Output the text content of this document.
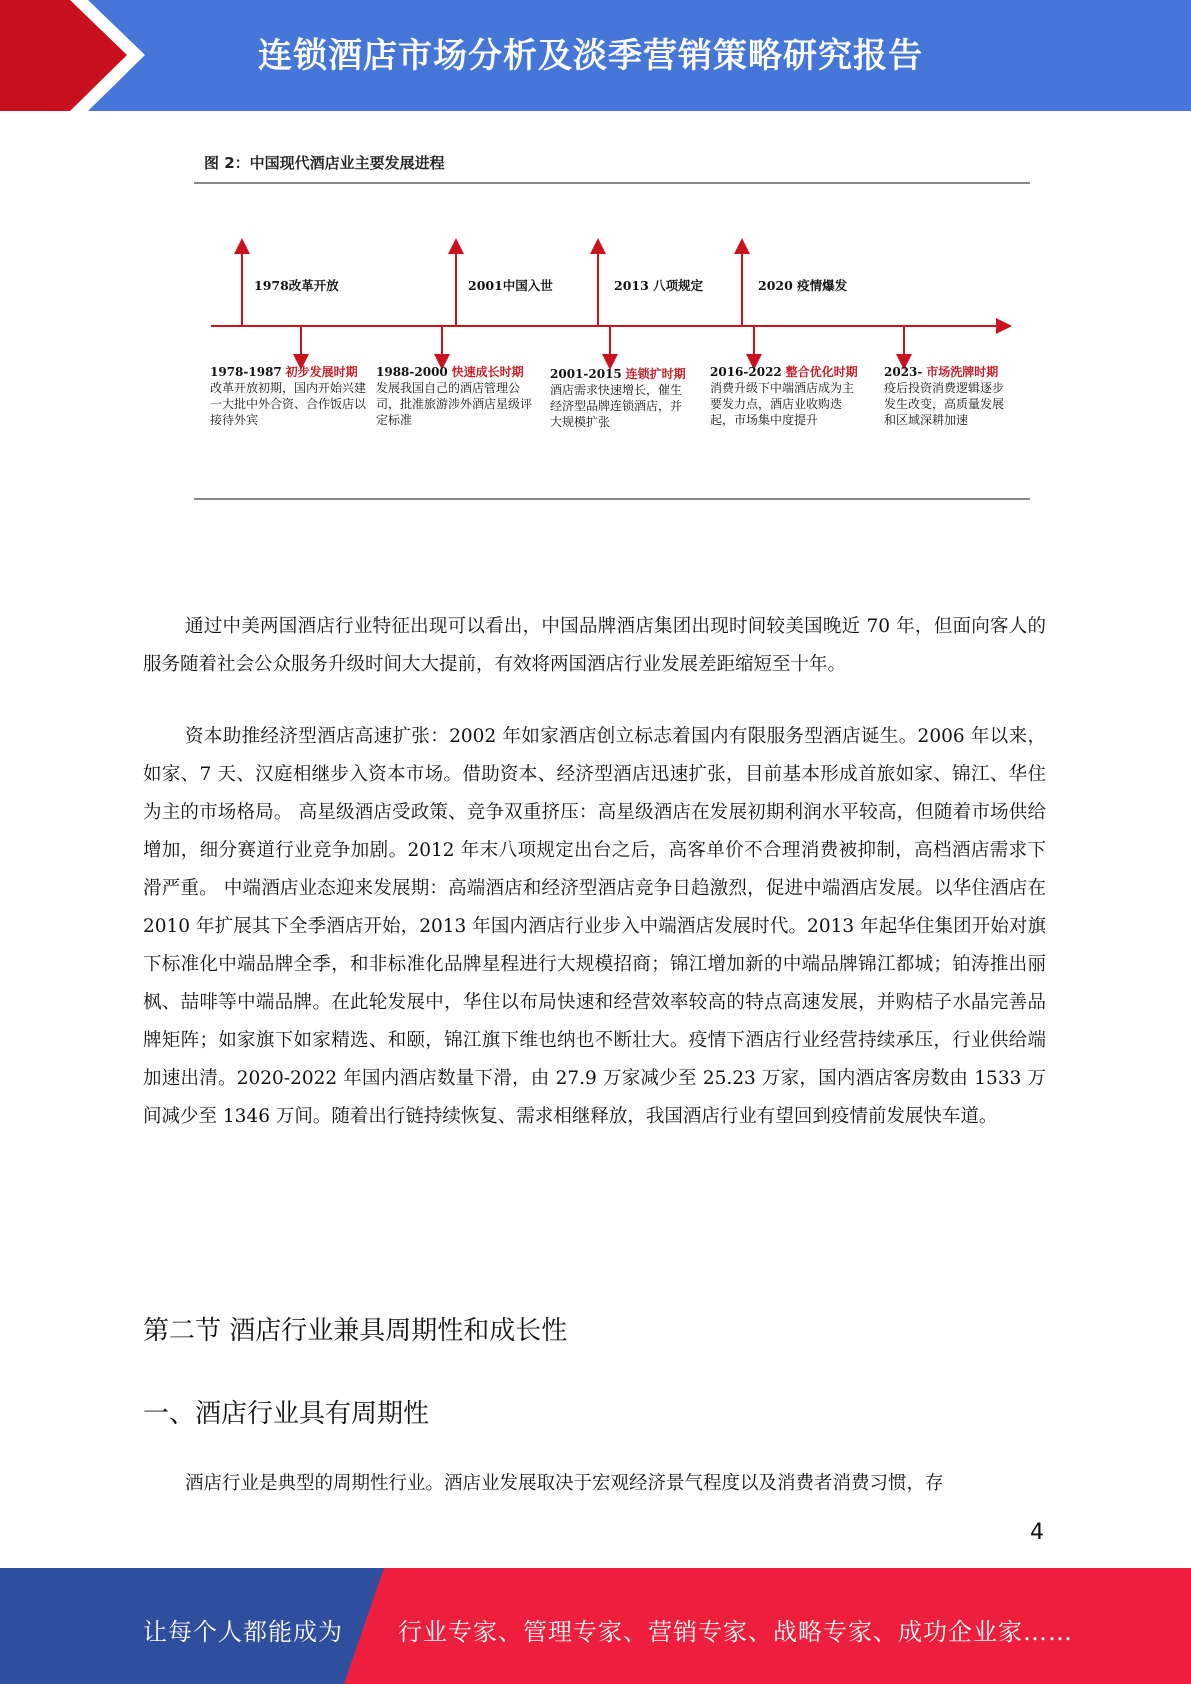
连锁酒店市场分析及淡季营销策略研究报告
图 2：中国现代酒店业主要发展进程
1978改革开放	2001中国入世	2013 八项规定	2020 疫情爆发
1978-1987 初步发展时期
改革开放初期，国内开始兴建一大批中外合资、合作饭店以接待外宾
1988-2000 快速成长时期
发展我国自己的酒店管理公司，批准旅游涉外酒店星级评定标准
2001-2015 连锁扩时期
酒店需求快速增长，催生经济型品牌连锁酒店，并大规模扩张
2016-2022 整合优化时期
消费升级下中端酒店成为主要发力点，酒店业收购迭起，市场集中度提升
2023- 市场洗牌时期
疫后投资消费逻辑逐步发生改变，高质量发展和区域深耕加速

通过中美两国酒店行业特征出现可以看出，中国品牌酒店集团出现时间较美国晚近 70 年，但面向客人的服务随着社会公众服务升级时间大大提前，有效将两国酒店行业发展差距缩短至十年。

资本助推经济型酒店高速扩张：2002 年如家酒店创立标志着国内有限服务型酒店诞生。2006 年以来，如家、7 天、汉庭相继步入资本市场。借助资本、经济型酒店迅速扩张，目前基本形成首旅如家、锦江、华住为主的市场格局。 高星级酒店受政策、竞争双重挤压：高星级酒店在发展初期利润水平较高，但随着市场供给增加，细分赛道行业竞争加剧。2012 年末八项规定出台之后，高客单价不合理消费被抑制，高档酒店需求下滑严重。 中端酒店业态迎来发展期：高端酒店和经济型酒店竞争日趋激烈，促进中端酒店发展。以华住酒店在 2010 年扩展其下全季酒店开始，2013 年国内酒店行业步入中端酒店发展时代。2013 年起华住集团开始对旗下标准化中端品牌全季，和非标准化品牌星程进行大规模招商；锦江增加新的中端品牌锦江都城；铂涛推出丽枫、喆啡等中端品牌。在此轮发展中，华住以布局快速和经营效率较高的特点高速发展，并购桔子水晶完善品牌矩阵；如家旗下如家精选、和颐，锦江旗下维也纳也不断壮大。疫情下酒店行业经营持续承压，行业供给端加速出清。2020-2022 年国内酒店数量下滑，由 27.9 万家减少至 25.23 万家，国内酒店客房数由 1533 万间减少至 1346 万间。随着出行链持续恢复、需求相继释放，我国酒店行业有望回到疫情前发展快车道。

第二节 酒店行业兼具周期性和成长性
一、酒店行业具有周期性

酒店行业是典型的周期性行业。酒店业发展取决于宏观经济景气程度以及消费者消费习惯，存

4
让每个人都能成为 行业专家、管理专家、营销专家、战略专家、成功企业家……
